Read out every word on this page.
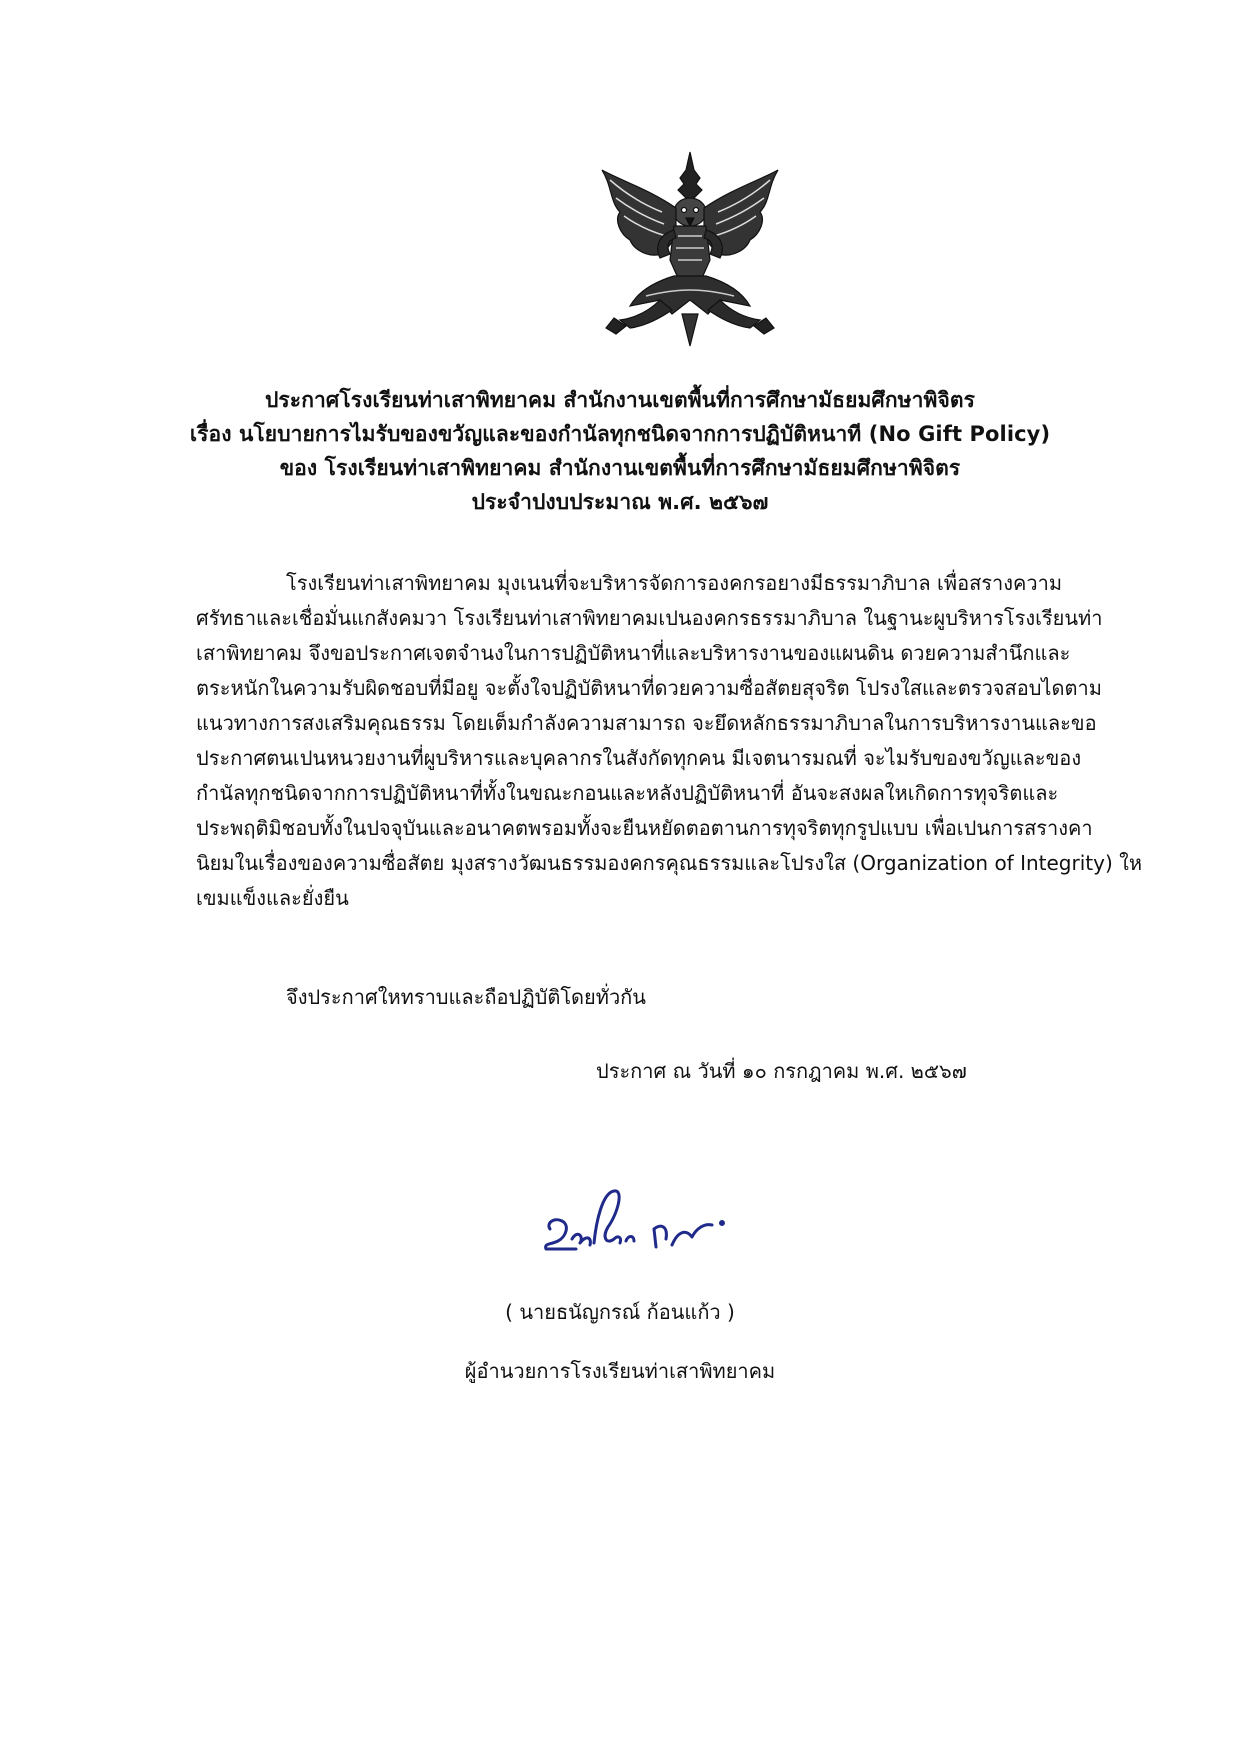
ประกาศโรงเรียนท่าเสาพิทยาคม สำนักงานเขตพื้นที่การศึกษามัธยมศึกษาพิจิตร
เรื่อง นโยบายการไมรับของขวัญและของกำนัลทุกชนิดจากการปฏิบัติหนาที (No Gift Policy)
ของ โรงเรียนท่าเสาพิทยาคม สำนักงานเขตพื้นที่การศึกษามัธยมศึกษาพิจิตร
ประจำปงบประมาณ พ.ศ. ๒๕๖๗

โรงเรียนท่าเสาพิทยาคม มุงเนนที่จะบริหารจัดการองคกรอยางมีธรรมาภิบาล เพื่อสรางความ
ศรัทธาและเชื่อมั่นแกสังคมวา โรงเรียนท่าเสาพิทยาคมเปนองคกรธรรมาภิบาล ในฐานะผูบริหารโรงเรียนท่า
เสาพิทยาคม จึงขอประกาศเจตจำนงในการปฏิบัติหนาที่และบริหารงานของแผนดิน ดวยความสำนึกและ
ตระหนักในความรับผิดชอบที่มีอยู จะตั้งใจปฏิบัติหนาที่ดวยความซื่อสัตยสุจริต โปรงใสและตรวจสอบไดตาม
แนวทางการสงเสริมคุณธรรม โดยเต็มกำลังความสามารถ จะยึดหลักธรรมาภิบาลในการบริหารงานและขอ
ประกาศตนเปนหนวยงานที่ผูบริหารและบุคลากรในสังกัดทุกคน มีเจตนารมณที่ จะไมรับของขวัญและของ
กำนัลทุกชนิดจากการปฏิบัติหนาที่ทั้งในขณะกอนและหลังปฏิบัติหนาที่ อันจะสงผลใหเกิดการทุจริตและ
ประพฤติมิชอบทั้งในปจจุบันและอนาคตพรอมทั้งจะยืนหยัดตอตานการทุจริตทุกรูปแบบ เพื่อเปนการสรางคา
นิยมในเรื่องของความซื่อสัตย มุงสรางวัฒนธรรมองคกรคุณธรรมและโปรงใส (Organization of Integrity) ให
เขมแข็งและยั่งยืน

จึงประกาศใหทราบและถือปฏิบัติโดยทั่วกัน
ประกาศ ณ วันที่ ๑๐ กรกฎาคม พ.ศ. ๒๕๖๗
( นายธนัญกรณ์ ก้อนแก้ว )
ผู้อำนวยการโรงเรียนท่าเสาพิทยาคม
